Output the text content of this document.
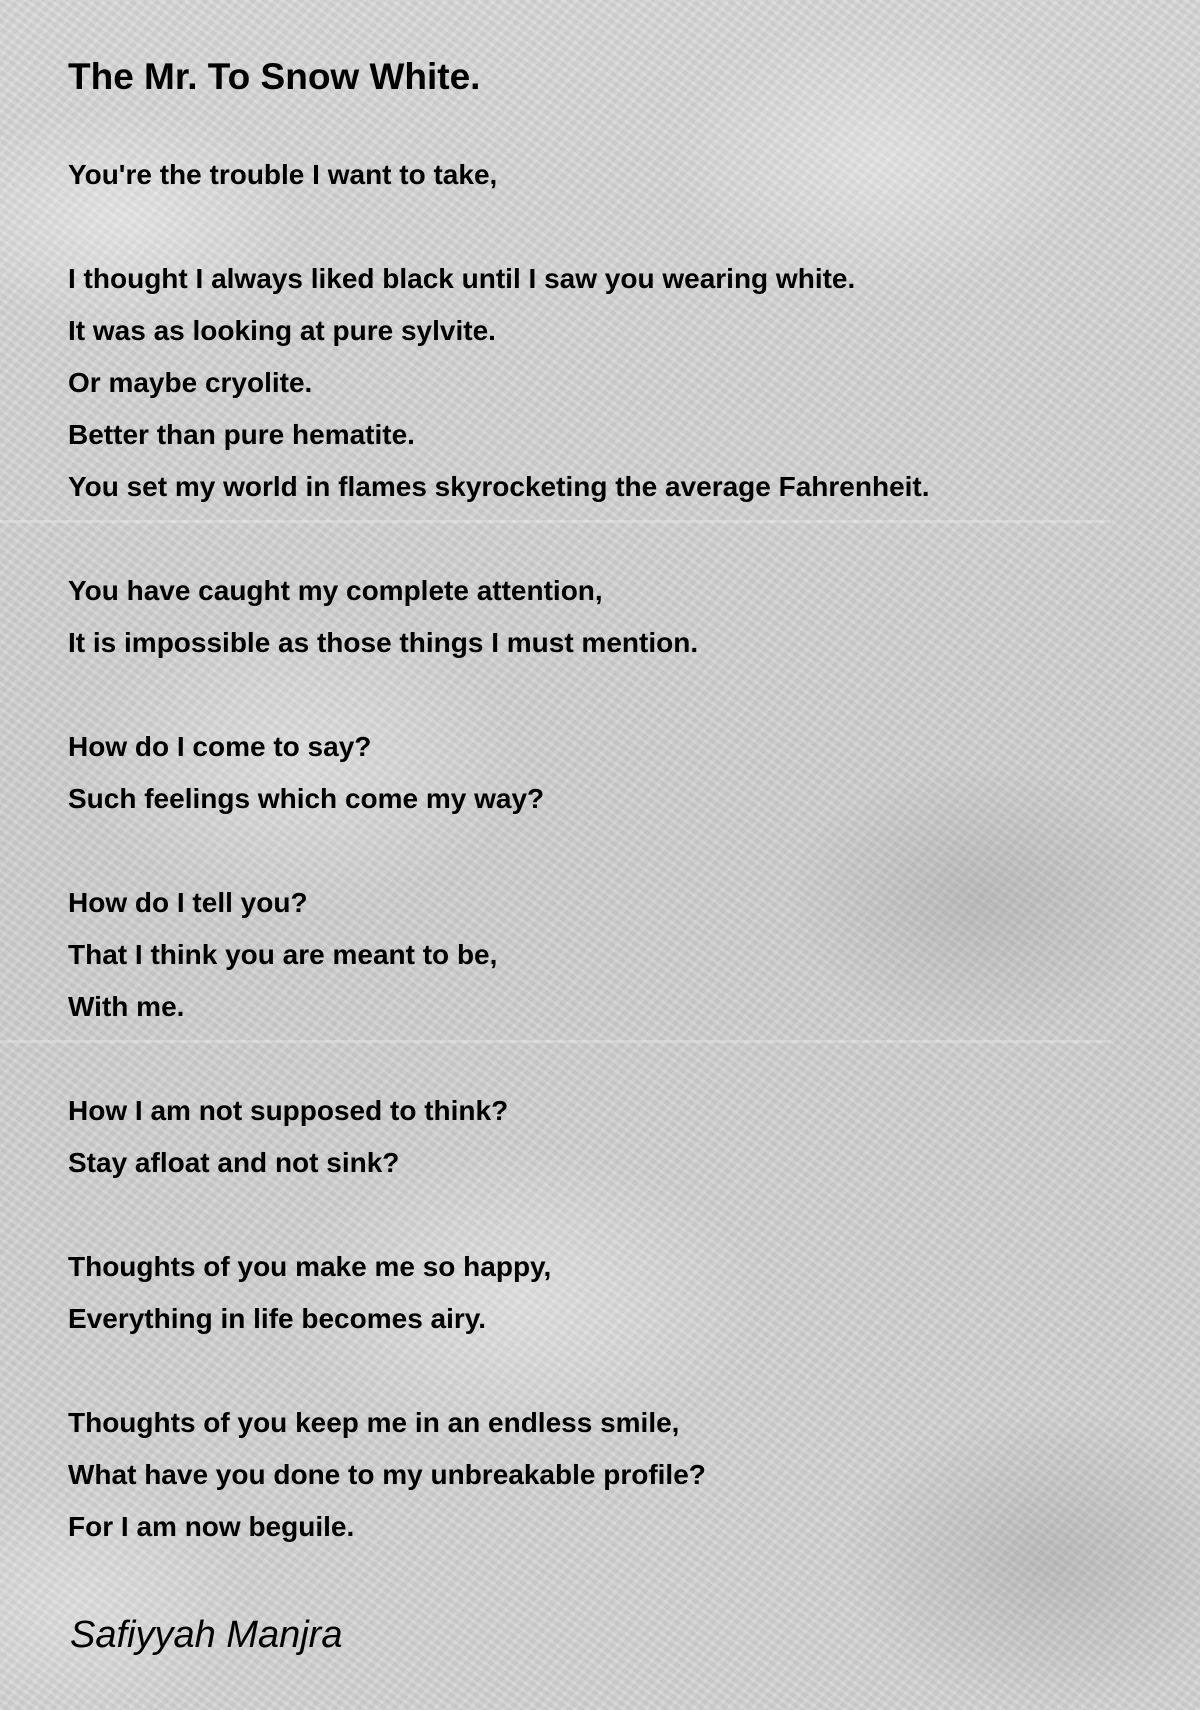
The Mr. To Snow White.
You're the trouble I want to take,
I thought I always liked black until I saw you wearing white.
It was as looking at pure sylvite.
Or maybe cryolite.
Better than pure hematite.
You set my world in flames skyrocketing the average Fahrenheit.
You have caught my complete attention,
It is impossible as those things I must mention.
How do I come to say?
Such feelings which come my way?
How do I tell you?
That I think you are meant to be,
With me.
How I am not supposed to think?
Stay afloat and not sink?
Thoughts of you make me so happy,
Everything in life becomes airy.
Thoughts of you keep me in an endless smile,
What have you done to my unbreakable profile?
For I am now beguile.
Safiyyah Manjra
